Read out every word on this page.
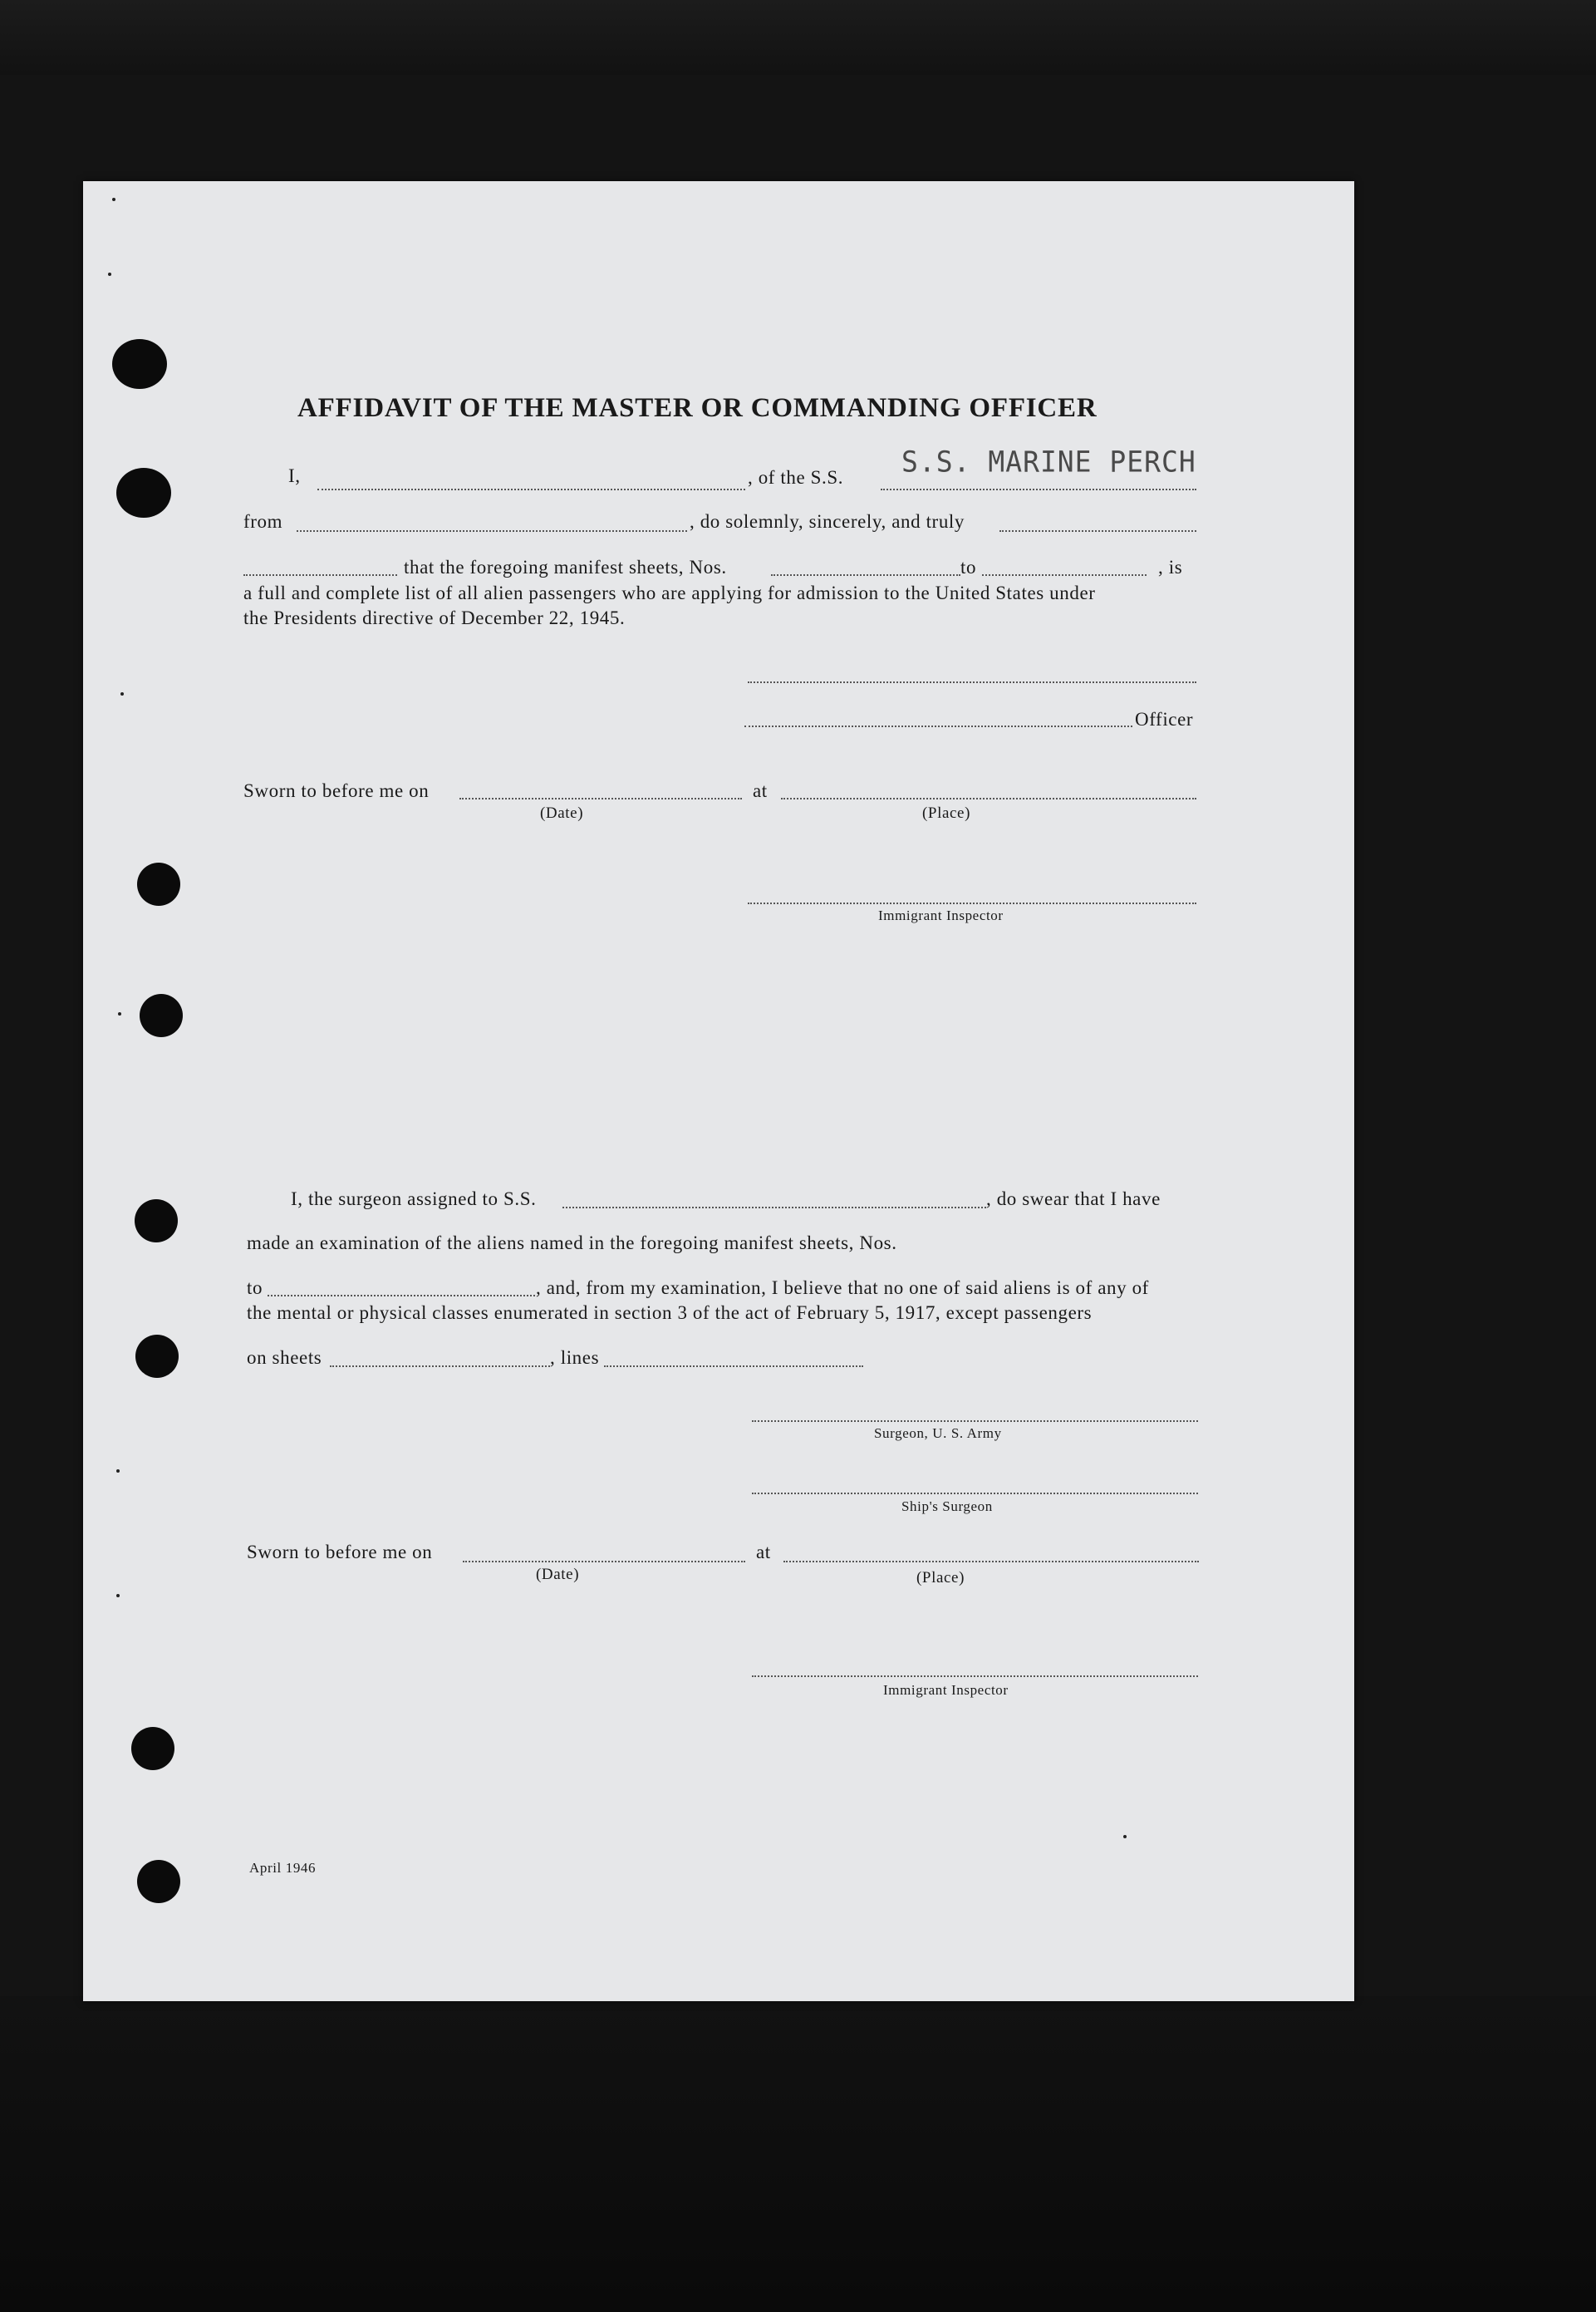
AFFIDAVIT OF THE MASTER OR COMMANDING OFFICER
I,	, of the S.S. S.S. MARINE PERCH
from	, do solemnly, sincerely, and truly
that the foregoing manifest sheets, Nos.	to	, is
a full and complete list of all alien passengers who are applying for admission to the United States under
the Presidents directive of December 22, 1945.
Officer
Sworn to before me on	at
(Date)	(Place)
Immigrant Inspector
I, the surgeon assigned to S.S.	, do swear that I have
made an examination of the aliens named in the foregoing manifest sheets, Nos.
to	, and, from my examination, I believe that no one of said aliens is of any of
the mental or physical classes enumerated in section 3 of the act of February 5, 1917, except passengers
on sheets	, lines
Surgeon, U. S. Army
Ship's Surgeon
Sworn to before me on	at
(Date)	(Place)
Immigrant Inspector
April 1946
